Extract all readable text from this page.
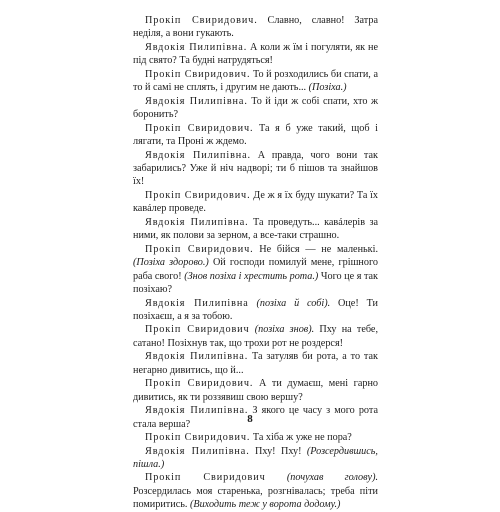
Прокіп Свиридович. Славно, славно! Затра неділя, а вони гукають.

Явдокія Пилипівна. А коли ж їм і погуляти, як не під свято? Та будні натрудяться!

Прокіп Свиридович. То й розходились би спати, а то й самі не сплять, і другим не дають... (Позіха.)

Явдокія Пилипівна. То й іди ж собі спати, хто ж боронить?

Прокіп Свиридович. Та я б уже такий, щоб і лягати, та Проні ж ждемо.

Явдокія Пилипівна. А правда, чого вони так забарились? Уже й ніч надворі; ти б пішов та знайшов їх!

Прокіп Свиридович. Де ж я їх буду шукати? Та їх кавáлер проведе.

Явдокія Пилипівна. Та проведуть... кавáлерів за ними, як полови за зерном, а все-таки страшно.

Прокіп Свиридович. Не бійся — не маленькі. (Позіха здорово.) Ой господи помилуй мене, грішного раба свого! (Знов позіха і хрестить рота.) Чого це я так позіхаю?

Явдокія Пилипівна (позіха й собі). Оце! Ти позіхаєш, а я за тобою.

Прокіп Свиридович (позіха знов). Пху на тебе, сатано! Позіхнув так, що трохи рот не роздерся!

Явдокія Пилипівна. Та затуляв би рота, а то так негарно дивитись, що й...

Прокіп Свиридович. А ти думаєш, мені гарно дивитись, як ти роззявиш свою вершу?

Явдокія Пилипівна. З якого це часу з мого рота стала верша?

Прокіп Свиридович. Та хіба ж уже не пора?

Явдокія Пилипівна. Пху! Пху! (Розсердившись, пішла.)

Прокіп Свиридович (почухав голову). Розсердилась моя старенька, розгнівалась; треба піти помиритись. (Виходить теж у ворота додому.)

8
